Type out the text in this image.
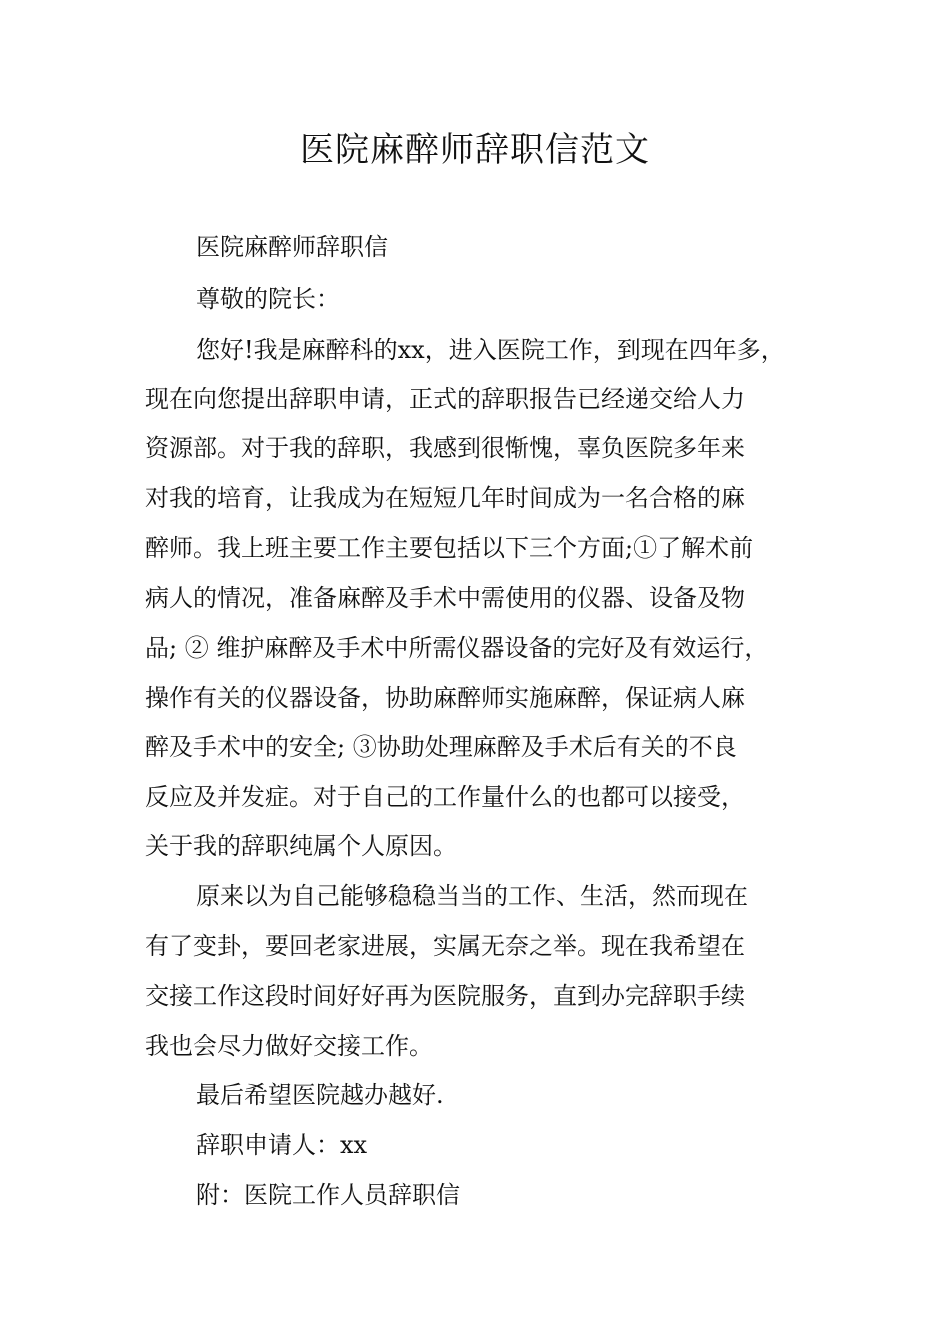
医院麻醉师辞职信范文

医院麻醉师辞职信

尊敬的院长：

您好!我是麻醉科的xx，进入医院工作，到现在四年多，

现在向您提出辞职申请，正式的辞职报告已经递交给人力

资源部。对于我的辞职，我感到很惭愧，辜负医院多年来

对我的培育，让我成为在短短几年时间成为一名合格的麻

醉师。我上班主要工作主要包括以下三个方面;①了解术前

病人的情况，准备麻醉及手术中需使用的仪器、设备及物

品; ② 维护麻醉及手术中所需仪器设备的完好及有效运行，

操作有关的仪器设备，协助麻醉师实施麻醉，保证病人麻

醉及手术中的安全; ③协助处理麻醉及手术后有关的不良

反应及并发症。对于自己的工作量什么的也都可以接受，

关于我的辞职纯属个人原因。

原来以为自己能够稳稳当当的工作、生活，然而现在

有了变卦，要回老家进展，实属无奈之举。现在我希望在

交接工作这段时间好好再为医院服务，直到办完辞职手续

我也会尽力做好交接工作。

最后希望医院越办越好.

辞职申请人：xx

附：医院工作人员辞职信
